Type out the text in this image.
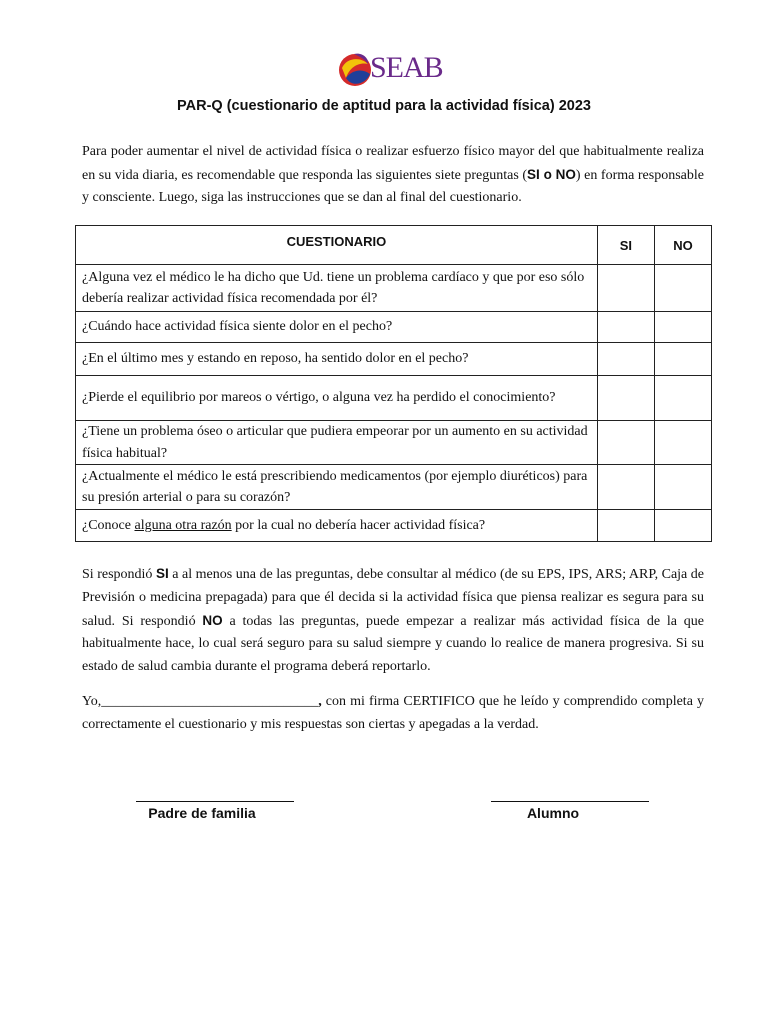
SEAB
PAR-Q (cuestionario de aptitud para la actividad física) 2023
Para poder aumentar el nivel de actividad física o realizar esfuerzo físico mayor del que habitualmente realiza en su vida diaria, es recomendable que responda las siguientes siete preguntas (SI o NO) en forma responsable y consciente. Luego, siga las instrucciones que se dan al final del cuestionario.
CUESTIONARIO	SI	NO
¿Alguna vez el médico le ha dicho que Ud. tiene un problema cardíaco y que por eso sólo debería realizar actividad física recomendada por él?		
¿Cuándo hace actividad física siente dolor en el pecho?		
¿En el último mes y estando en reposo, ha sentido dolor en el pecho?		
¿Pierde el equilibrio por mareos o vértigo, o alguna vez ha perdido el conocimiento?		
¿Tiene un problema óseo o articular que pudiera empeorar por un aumento en su actividad física habitual?		
¿Actualmente el médico le está prescribiendo medicamentos (por ejemplo diuréticos) para su presión arterial o para su corazón?		
¿Conoce alguna otra razón por la cual no debería hacer actividad física?		
Si respondió SI a al menos una de las preguntas, debe consultar al médico (de su EPS, IPS, ARS; ARP, Caja de Previsión o medicina prepagada) para que él decida si la actividad física que piensa realizar es segura para su salud. Si respondió NO a todas las preguntas, puede empezar a realizar más actividad física de la que habitualmente hace, lo cual será seguro para su salud siempre y cuando lo realice de manera progresiva. Si su estado de salud cambia durante el programa deberá reportarlo.
Yo,_______________________________, con mi firma CERTIFICO que he leído y comprendido completa y correctamente el cuestionario y mis respuestas son ciertas y apegadas a la verdad.
Padre de familia	Alumno
